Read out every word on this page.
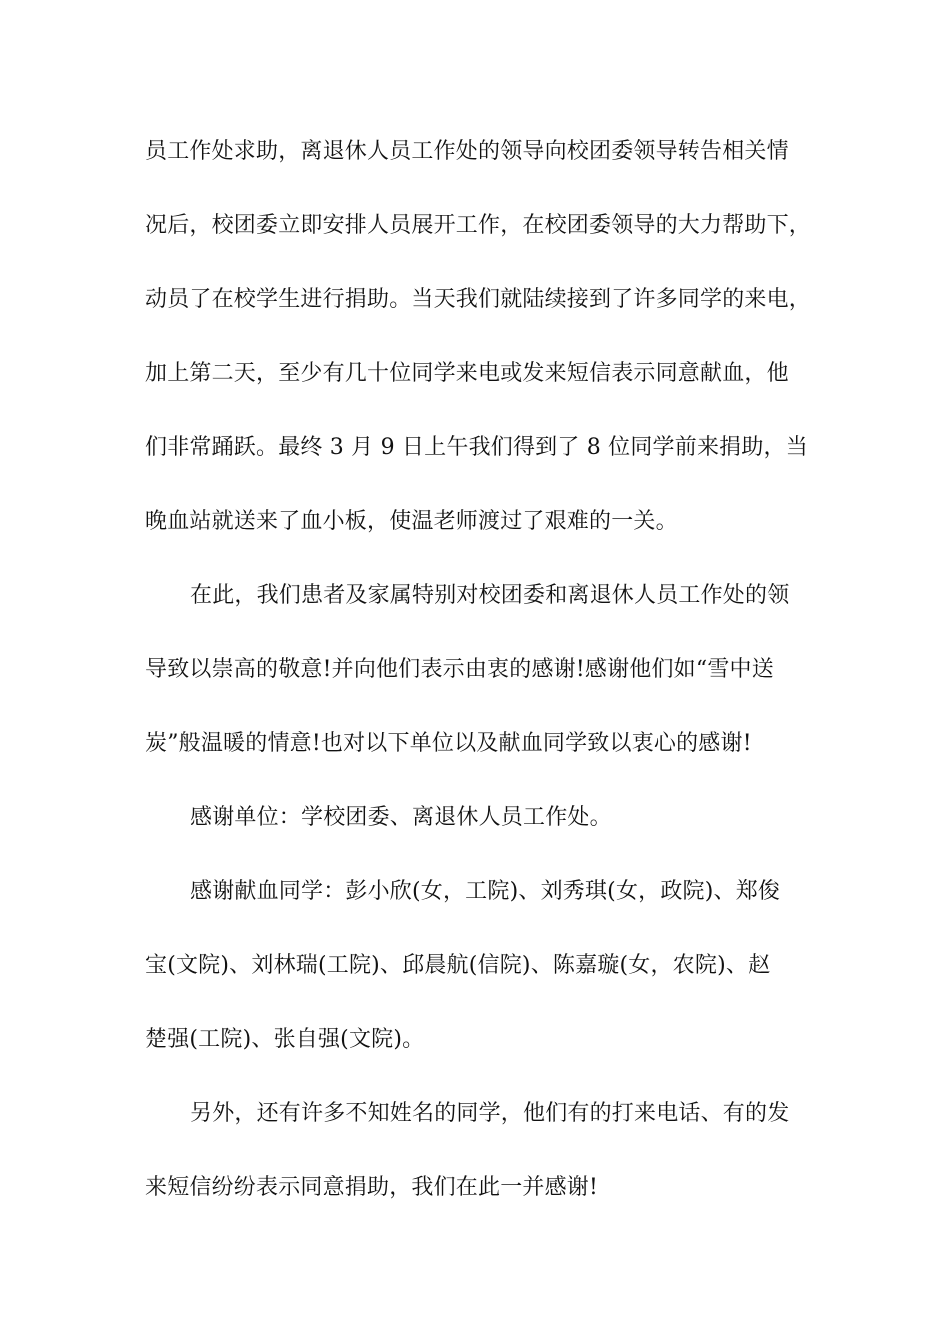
员工作处求助，离退休人员工作处的领导向校团委领导转告相关情
况后，校团委立即安排人员展开工作，在校团委领导的大力帮助下，
动员了在校学生进行捐助。当天我们就陆续接到了许多同学的来电，
加上第二天，至少有几十位同学来电或发来短信表示同意献血，他
们非常踊跃。最终 3 月 9 日上午我们得到了 8 位同学前来捐助，当
晚血站就送来了血小板，使温老师渡过了艰难的一关。
在此，我们患者及家属特别对校团委和离退休人员工作处的领
导致以崇高的敬意!并向他们表示由衷的感谢!感谢他们如“雪中送
炭”般温暖的情意!也对以下单位以及献血同学致以衷心的感谢!
感谢单位：学校团委、离退休人员工作处。
感谢献血同学：彭小欣(女，工院)、刘秀琪(女，政院)、郑俊
宝(文院)、刘林瑞(工院)、邱晨航(信院)、陈嘉璇(女，农院)、赵
楚强(工院)、张自强(文院)。
另外，还有许多不知姓名的同学，他们有的打来电话、有的发
来短信纷纷表示同意捐助，我们在此一并感谢!
